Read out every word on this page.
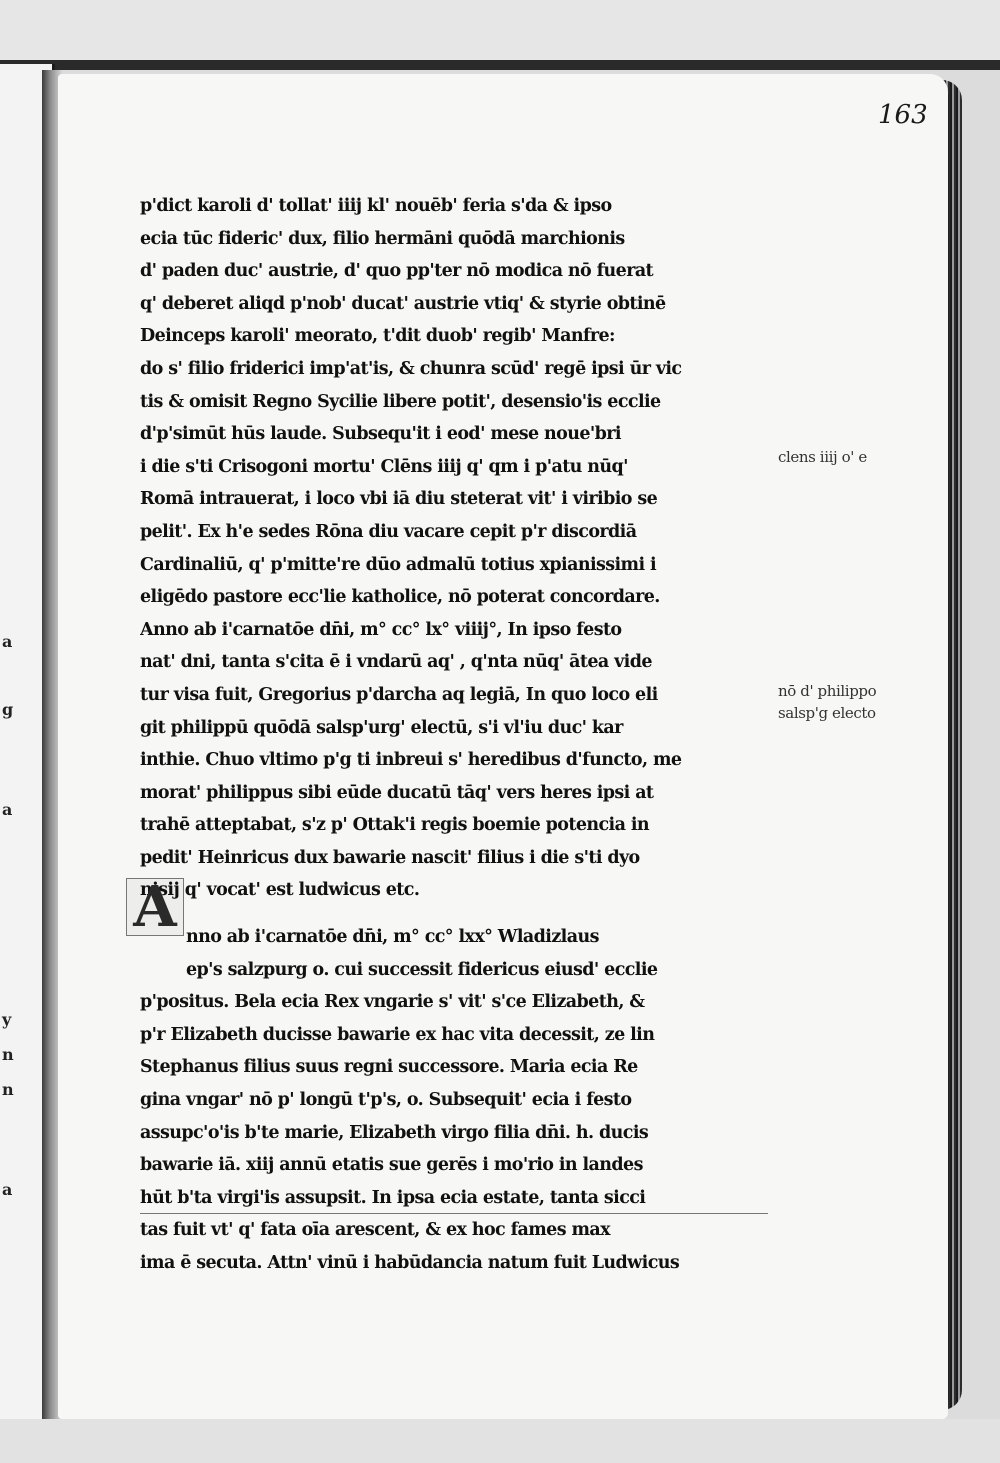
a
g
a
y
n
n
a
163
p'dict karoli d' tollat' iiij kl' nouēb' feria s'da & ipso
ecia tūc fideric' dux, filio hermāni quōdā marchionis
d' paden duc' austrie, d' quo pp'ter nō modica nō fuerat
q' deberet aliqd p'nob' ducat' austrie vtiq' & styrie obtinē
Deinceps karoli' meorato, t'dit duob' regib' Manfre:
do s' filio friderici imp'at'is, & chunra scūd' regē ipsi ūr vic
tis & omisit Regno Sycilie libere potit', desensio'is ecclie
d'p'simūt hūs laude. Subsequ'it i eod' mese noue'bri
i die s'ti Crisogoni mortu' Clēns iiij q' qm i p'atu nūq'
Romā intrauerat, i loco vbi iā diu steterat vit' i viribio se
pelit'. Ex h'e sedes Rōna diu vacare cepit p'r discordiā
Cardinaliū, q' p'mitte're dūo admalū totius xpianissimi i
eligēdo pastore ecc'lie katholice, nō poterat concordare.
Anno ab i'carnatōe dn̄i, m° cc° lx° viiij°, In ipso festo
nat' dni, tanta s'cita ē i vndarū aq' , q'nta nūq' ātea vide
tur visa fuit, Gregorius p'darcha aq legiā, In quo loco eli
git philippū quōdā salsp'urg' electū, s'i vl'iu duc' kar
inthie. Chuo vltimo p'g ti inbreui s' heredibus d'functo, me
morat' philippus sibi eūde ducatū tāq' vers heres ipsi at
trahē atteptabat, s'z p' Ottak'i regis boemie potencia in
pedit' Heinricus dux bawarie nascit' filius i die s'ti dyo
nisij q' vocat' est ludwicus etc.
nno ab i'carnatōe dn̄i, m° cc° lxx° Wladizlaus
ep's salzpurg o. cui successit fidericus eiusd' ecclie
p'positus. Bela ecia Rex vngarie s' vit' s'ce Elizabeth, &
p'r Elizabeth ducisse bawarie ex hac vita decessit, ze lin
Stephanus filius suus regni successore. Maria ecia Re
gina vngar' nō p' longū t'p's, o. Subsequit' ecia i festo
assupc'o'is b'te marie, Elizabeth virgo filia dn̄i. h. ducis
bawarie iā. xiij annū etatis sue gerēs i mo'rio in landes
hūt b'ta virgi'is assupsit. In ipsa ecia estate, tanta sicci
tas fuit vt' q' fata oīa arescent, & ex hoc fames max
ima ē secuta. Attn' vinū i habūdancia natum fuit Ludwicus
A
clens iiij o' e
nō d' philippo
salsp'g electo
